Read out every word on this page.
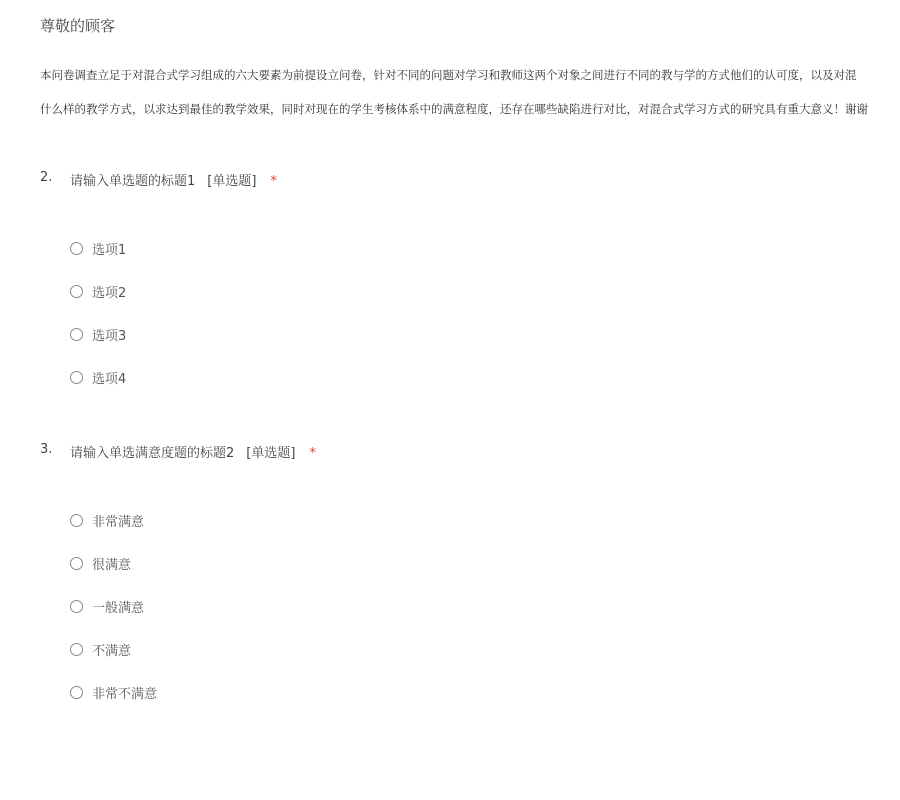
尊敬的顾客
本问卷调查立足于对混合式学习组成的六大要素为前提设立问卷，针对不同的问题对学习和教师这两个对象之间进行不同的教与学的方式他们的认可度，以及对混
什么样的教学方式，以求达到最佳的教学效果，同时对现在的学生考核体系中的满意程度，还存在哪些缺陷进行对比，对混合式学习方式的研究具有重大意义！谢谢
2. 请输入单选题的标题1 [单选题] *
选项1
选项2
选项3
选项4
3. 请输入单选满意度题的标题2 [单选题] *
非常满意
很满意
一般满意
不满意
非常不满意
